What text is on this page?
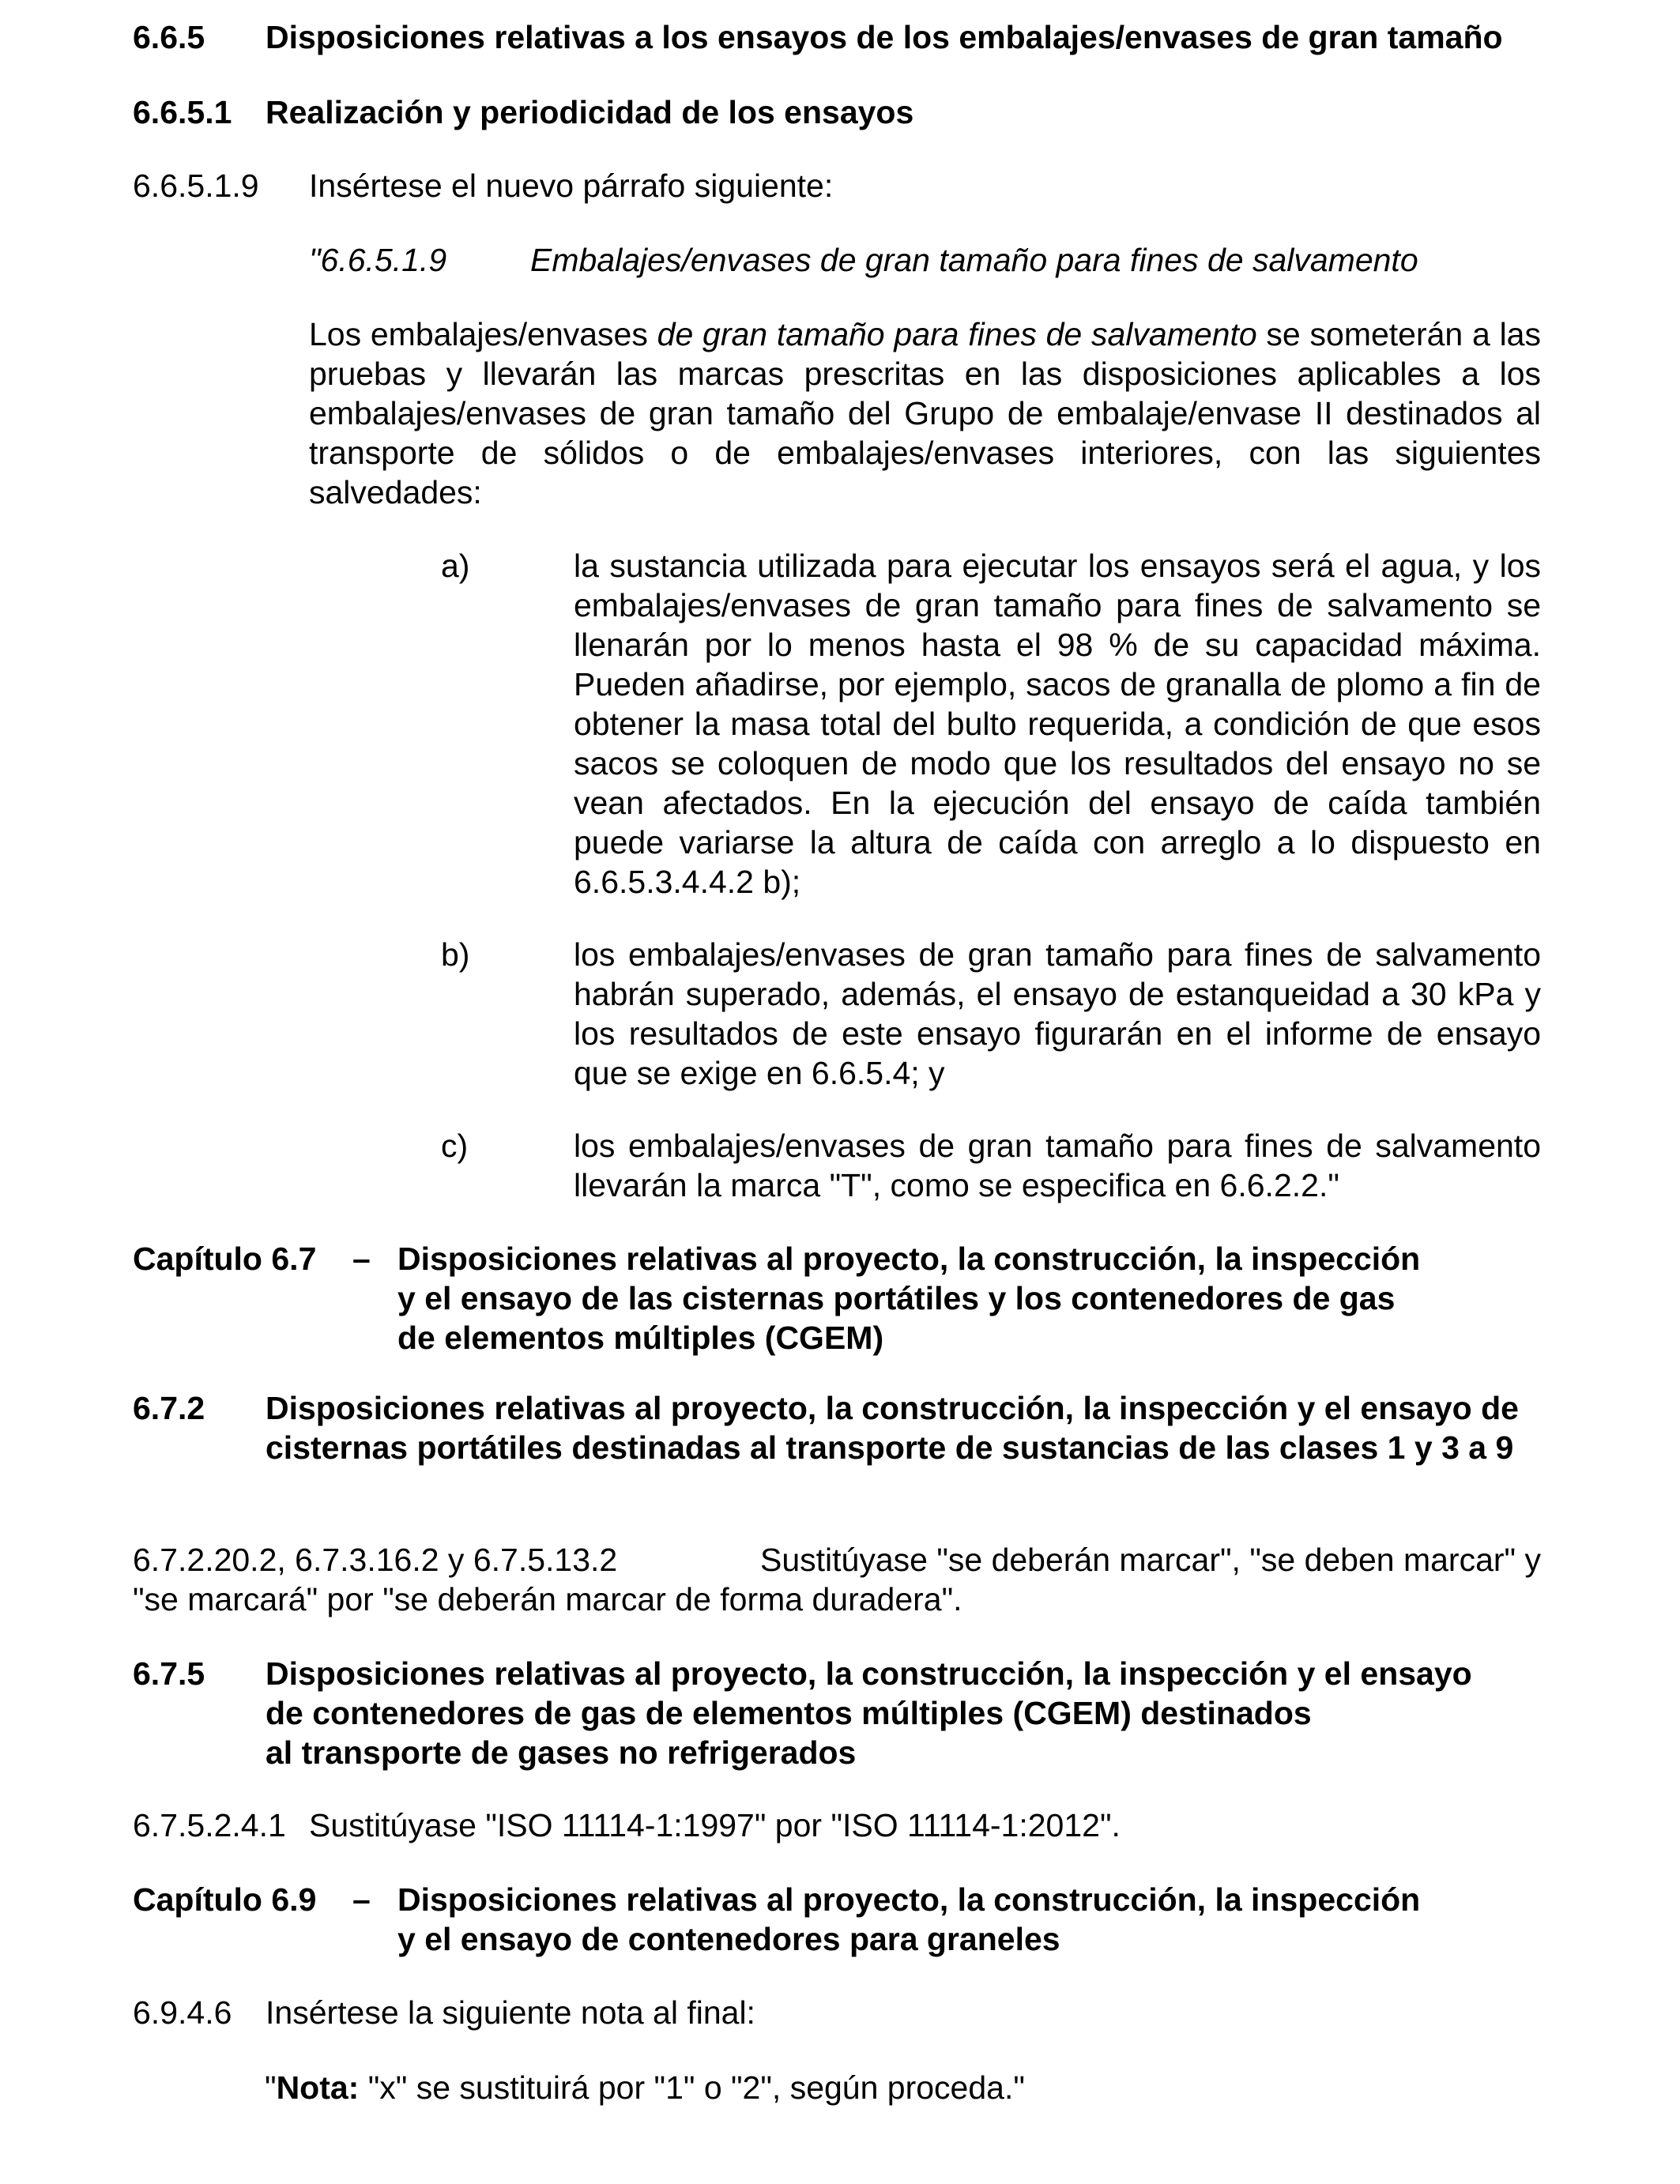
6.6.5 Disposiciones relativas a los ensayos de los embalajes/envases de gran tamaño
6.6.5.1 Realización y periodicidad de los ensayos
6.6.5.1.9 Insértese el nuevo párrafo siguiente:
"6.6.5.1.9	Embalajes/envases de gran tamaño para fines de salvamento
Los embalajes/envases de gran tamaño para fines de salvamento se someterán a las pruebas y llevarán las marcas prescritas en las disposiciones aplicables a los embalajes/envases de gran tamaño del Grupo de embalaje/envase II destinados al transporte de sólidos o de embalajes/envases interiores, con las siguientes salvedades:
a)	la sustancia utilizada para ejecutar los ensayos será el agua, y los embalajes/envases de gran tamaño para fines de salvamento se llenarán por lo menos hasta el 98 % de su capacidad máxima. Pueden añadirse, por ejemplo, sacos de granalla de plomo a fin de obtener la masa total del bulto requerida, a condición de que esos sacos se coloquen de modo que los resultados del ensayo no se vean afectados. En la ejecución del ensayo de caída también puede variarse la altura de caída con arreglo a lo dispuesto en 6.6.5.3.4.4.2 b);
b)	los embalajes/envases de gran tamaño para fines de salvamento habrán superado, además, el ensayo de estanqueidad a 30 kPa y los resultados de este ensayo figurarán en el informe de ensayo que se exige en 6.6.5.4; y
c)	los embalajes/envases de gran tamaño para fines de salvamento llevarán la marca "T", como se especifica en 6.6.2.2."
Capítulo 6.7 – Disposiciones relativas al proyecto, la construcción, la inspección
y el ensayo de las cisternas portátiles y los contenedores de gas
de elementos múltiples (CGEM)
6.7.2 Disposiciones relativas al proyecto, la construcción, la inspección y el ensayo de cisternas portátiles destinadas al transporte de sustancias de las clases 1 y 3 a 9
6.7.2.20.2, 6.7.3.16.2 y 6.7.5.13.2	Sustitúyase "se deberán marcar", "se deben marcar" y
"se marcará" por "se deberán marcar de forma duradera".
6.7.5 Disposiciones relativas al proyecto, la construcción, la inspección y el ensayo
de contenedores de gas de elementos múltiples (CGEM) destinados
al transporte de gases no refrigerados
6.7.5.2.4.1 Sustitúyase "ISO 11114-1:1997" por "ISO 11114-1:2012".
Capítulo 6.9 – Disposiciones relativas al proyecto, la construcción, la inspección
y el ensayo de contenedores para graneles
6.9.4.6 Insértese la siguiente nota al final:
"Nota: "x" se sustituirá por "1" o "2", según proceda."
